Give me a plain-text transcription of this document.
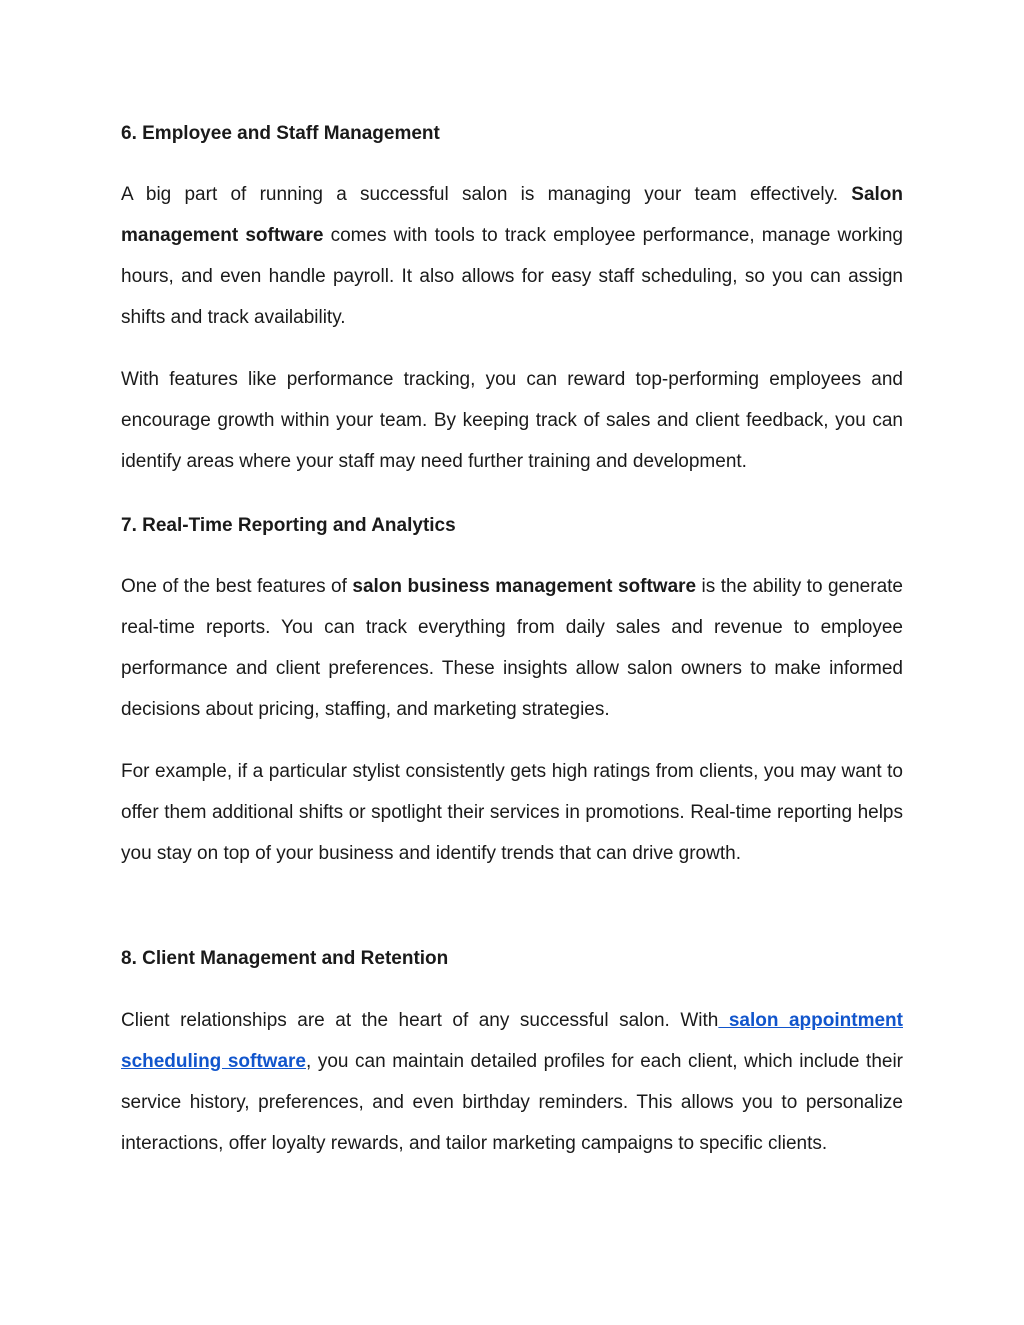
6. Employee and Staff Management

A big part of running a successful salon is managing your team effectively. Salon management software comes with tools to track employee performance, manage working hours, and even handle payroll. It also allows for easy staff scheduling, so you can assign shifts and track availability.

With features like performance tracking, you can reward top-performing employees and encourage growth within your team. By keeping track of sales and client feedback, you can identify areas where your staff may need further training and development.

7. Real-Time Reporting and Analytics

One of the best features of salon business management software is the ability to generate real-time reports. You can track everything from daily sales and revenue to employee performance and client preferences. These insights allow salon owners to make informed decisions about pricing, staffing, and marketing strategies.

For example, if a particular stylist consistently gets high ratings from clients, you may want to offer them additional shifts or spotlight their services in promotions. Real-time reporting helps you stay on top of your business and identify trends that can drive growth.

8. Client Management and Retention

Client relationships are at the heart of any successful salon. With salon appointment scheduling software, you can maintain detailed profiles for each client, which include their service history, preferences, and even birthday reminders. This allows you to personalize interactions, offer loyalty rewards, and tailor marketing campaigns to specific clients.
